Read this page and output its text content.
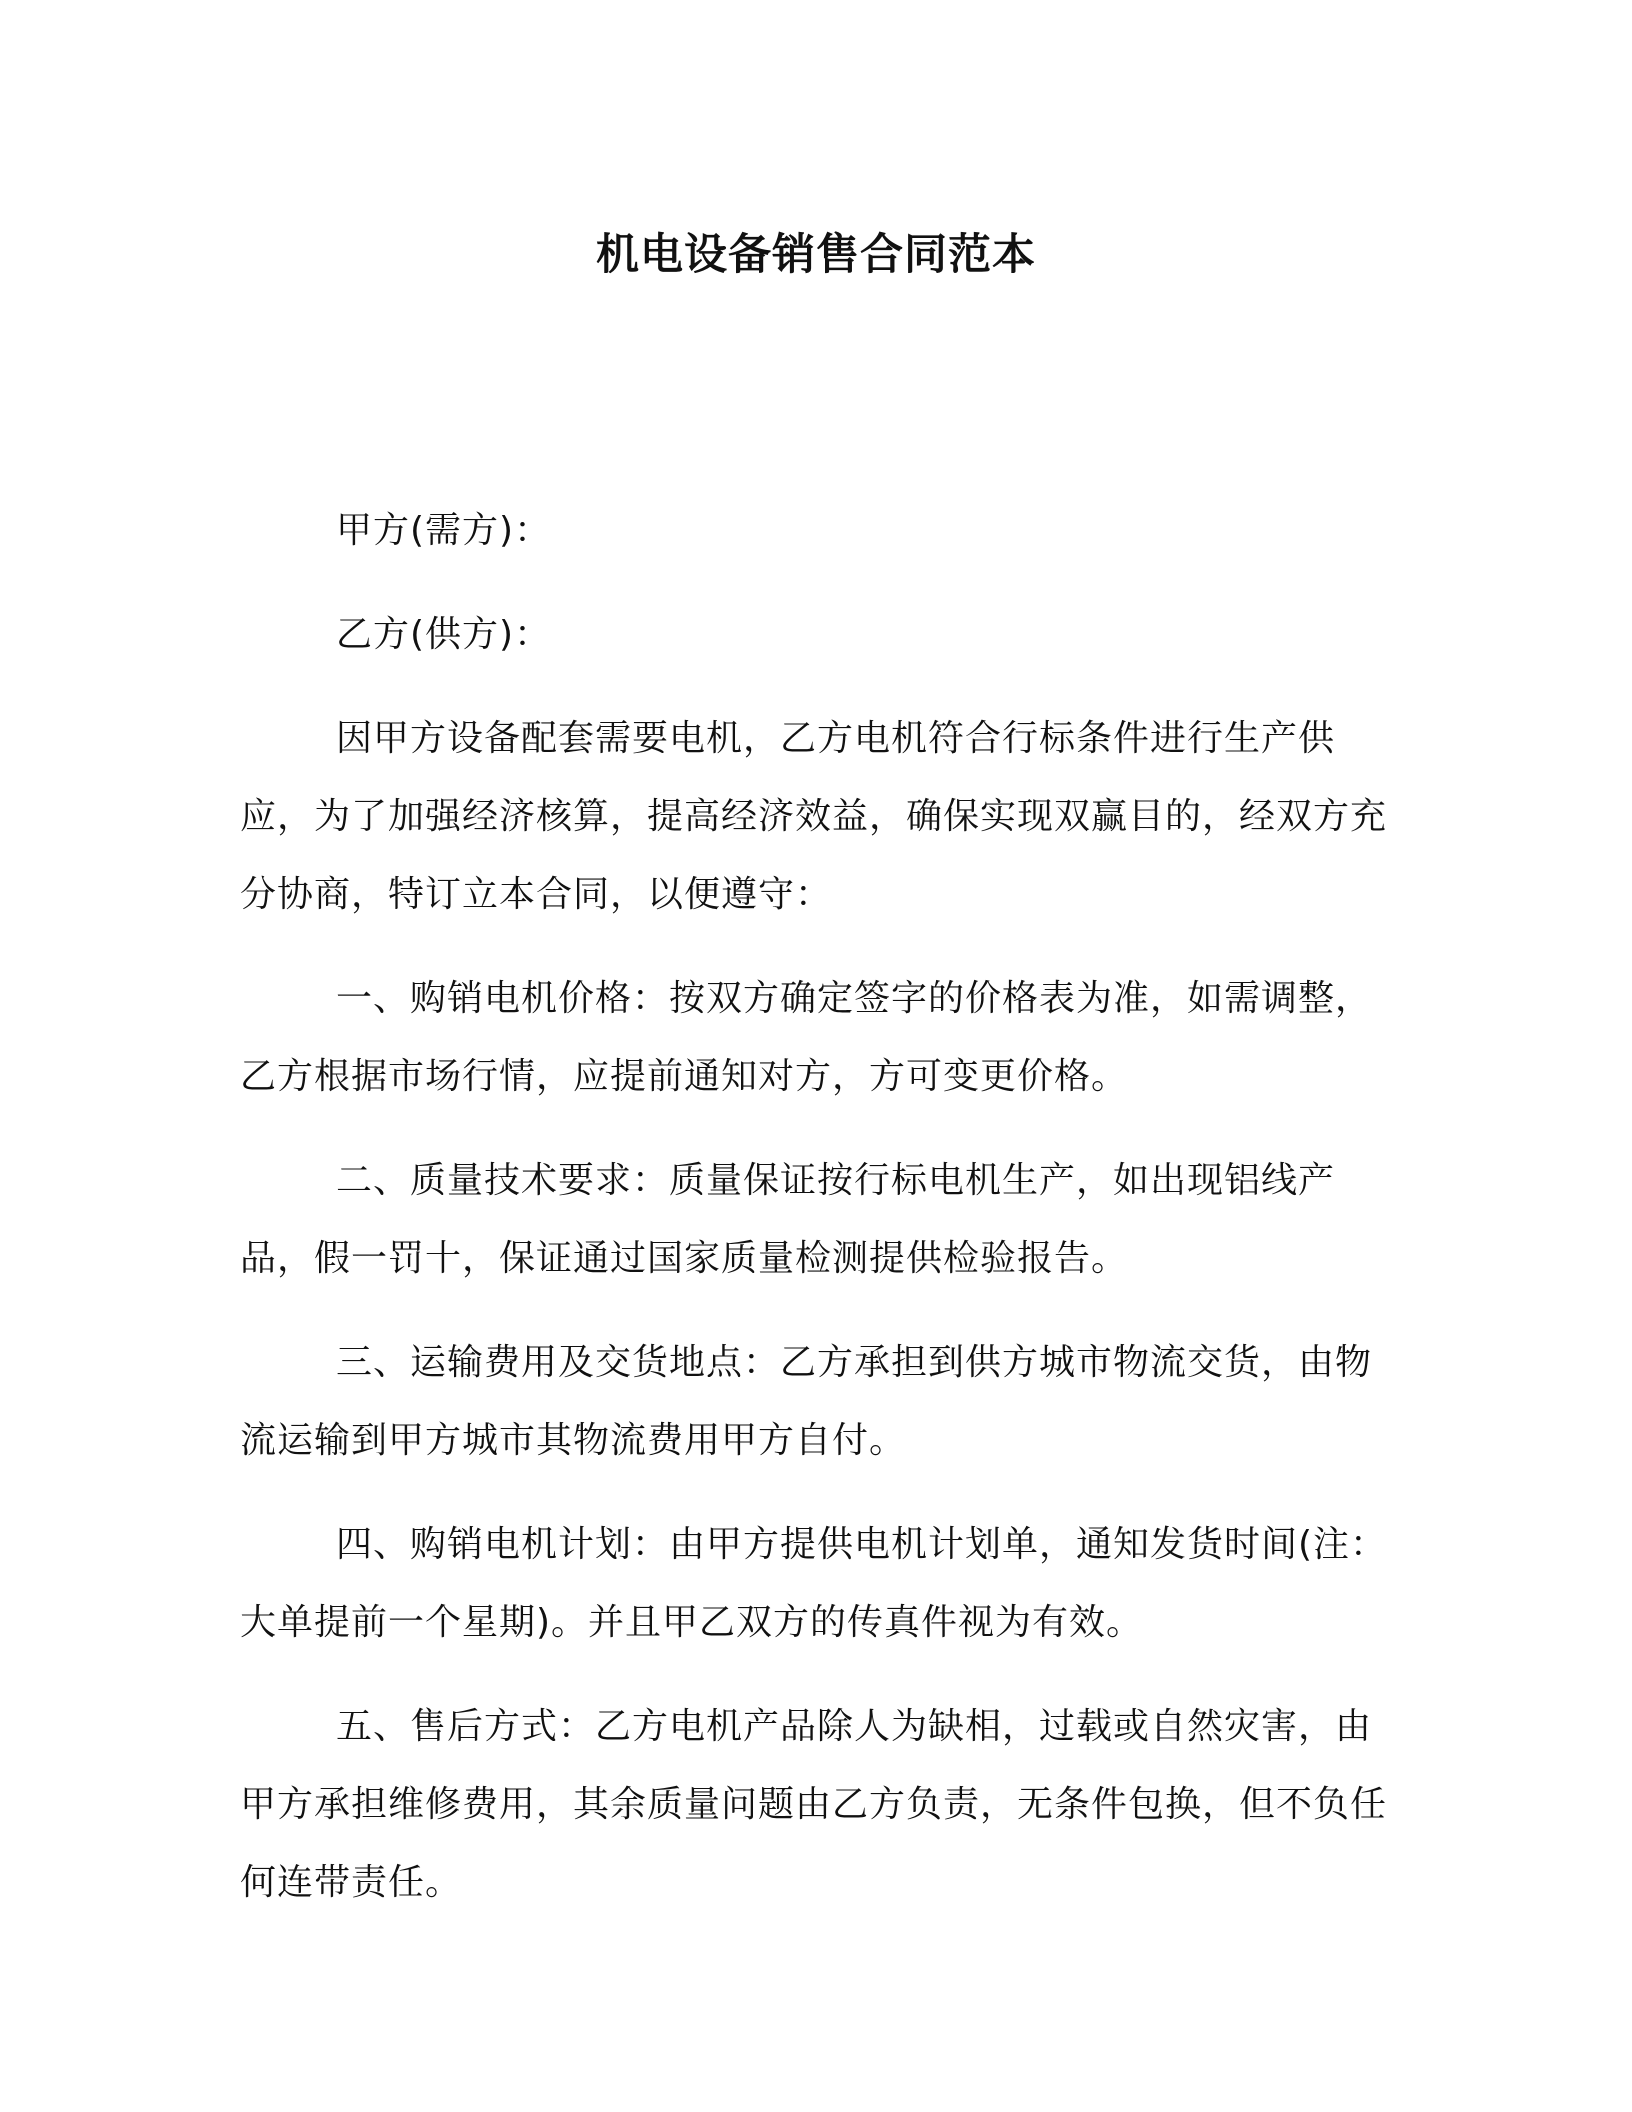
机电设备销售合同范本

甲方(需方)：

乙方(供方)：

因甲方设备配套需要电机，乙方电机符合行标条件进行生产供应，为了加强经济核算，提高经济效益，确保实现双赢目的，经双方充分协商，特订立本合同，以便遵守：

一、购销电机价格：按双方确定签字的价格表为准，如需调整，乙方根据市场行情，应提前通知对方，方可变更价格。

二、质量技术要求：质量保证按行标电机生产，如出现铝线产品，假一罚十，保证通过国家质量检测提供检验报告。

三、运输费用及交货地点：乙方承担到供方城市物流交货，由物流运输到甲方城市其物流费用甲方自付。

四、购销电机计划：由甲方提供电机计划单，通知发货时间(注：大单提前一个星期)。并且甲乙双方的传真件视为有效。

五、售后方式：乙方电机产品除人为缺相，过载或自然灾害，由甲方承担维修费用，其余质量问题由乙方负责，无条件包换，但不负任何连带责任。
